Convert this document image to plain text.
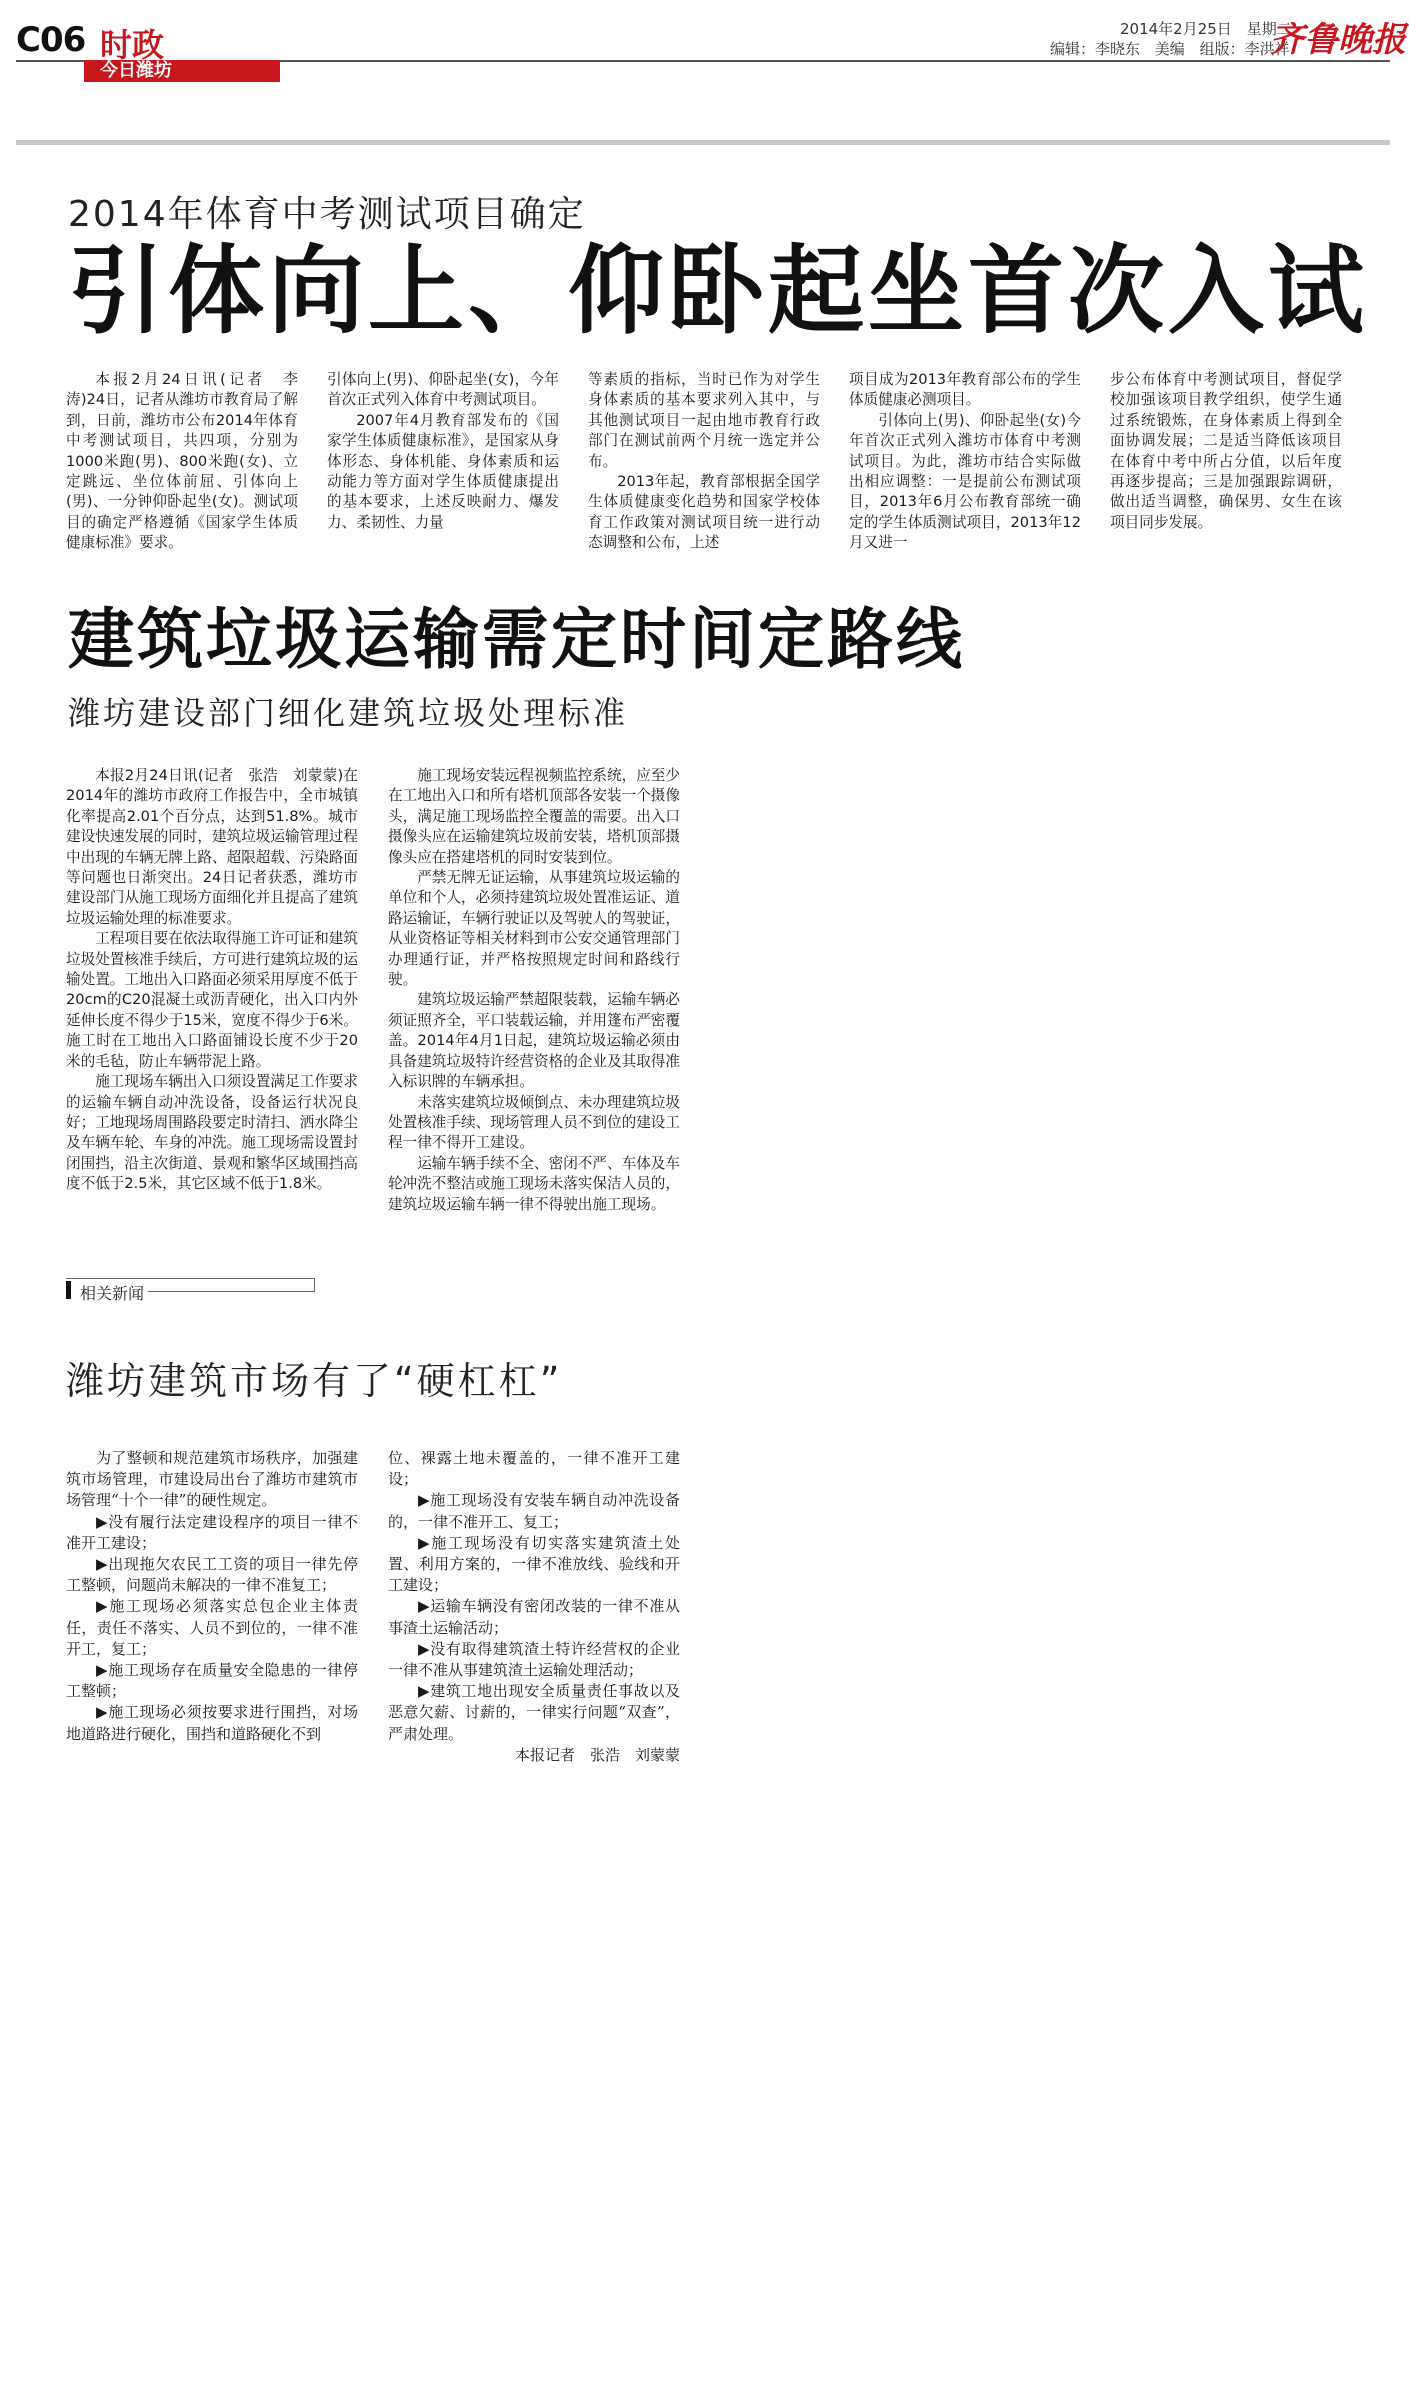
C06 时政
今日潍坊
2014年2月25日　星期二
编辑：李晓东 美编 组版：李洪祥
齐鲁晚报
2014年体育中考测试项目确定
引体向上、仰卧起坐首次入试

本报2月24日讯(记者　李涛)24日，记者从潍坊市教育局了解到，日前，潍坊市公布2014年体育中考测试项目，共四项，分别为1000米跑(男)、800米跑(女)、立定跳远、坐位体前屈、引体向上(男)、一分钟仰卧起坐(女)。测试项目的确定严格遵循《国家学生体质健康标准》要求。

引体向上(男)、仰卧起坐(女)，今年首次正式列入体育中考测试项目。

2007年4月教育部发布的《国家学生体质健康标准》，是国家从身体形态、身体机能、身体素质和运动能力等方面对学生体质健康提出的基本要求，上述反映耐力、爆发力、柔韧性、力量

等素质的指标，当时已作为对学生身体素质的基本要求列入其中，与其他测试项目一起由地市教育行政部门在测试前两个月统一选定并公布。

2013年起，教育部根据全国学生体质健康变化趋势和国家学校体育工作政策对测试项目统一进行动态调整和公布，上述

项目成为2013年教育部公布的学生体质健康必测项目。

引体向上(男)、仰卧起坐(女)今年首次正式列入潍坊市体育中考测试项目。为此，潍坊市结合实际做出相应调整：一是提前公布测试项目，2013年6月公布教育部统一确定的学生体质测试项目，2013年12月又进一

步公布体育中考测试项目，督促学校加强该项目教学组织，使学生通过系统锻炼，在身体素质上得到全面协调发展；二是适当降低该项目在体育中考中所占分值，以后年度再逐步提高；三是加强跟踪调研，做出适当调整，确保男、女生在该项目同步发展。

建筑垃圾运输需定时间定路线
潍坊建设部门细化建筑垃圾处理标准

本报2月24日讯(记者　张浩　刘蒙蒙)在2014年的潍坊市政府工作报告中，全市城镇化率提高2.01个百分点，达到51.8%。城市建设快速发展的同时，建筑垃圾运输管理过程中出现的车辆无牌上路、超限超载、污染路面等问题也日渐突出。24日记者获悉，潍坊市建设部门从施工现场方面细化并且提高了建筑垃圾运输处理的标准要求。

工程项目要在依法取得施工许可证和建筑垃圾处置核准手续后，方可进行建筑垃圾的运输处置。工地出入口路面必须采用厚度不低于20cm的C20混凝土或沥青硬化，出入口内外延伸长度不得少于15米，宽度不得少于6米。施工时在工地出入口路面铺设长度不少于20米的毛毡，防止车辆带泥上路。

施工现场车辆出入口须设置满足工作要求的运输车辆自动冲洗设备，设备运行状况良好；工地现场周围路段要定时清扫、洒水降尘及车辆车轮、车身的冲洗。施工现场需设置封闭围挡，沿主次街道、景观和繁华区域围挡高度不低于2.5米，其它区域不低于1.8米。

施工现场安装远程视频监控系统，应至少在工地出入口和所有塔机顶部各安装一个摄像头，满足施工现场监控全覆盖的需要。出入口摄像头应在运输建筑垃圾前安装，塔机顶部摄像头应在搭建塔机的同时安装到位。

严禁无牌无证运输，从事建筑垃圾运输的单位和个人，必须持建筑垃圾处置准运证、道路运输证，车辆行驶证以及驾驶人的驾驶证，从业资格证等相关材料到市公安交通管理部门办理通行证，并严格按照规定时间和路线行驶。

建筑垃圾运输严禁超限装载，运输车辆必须证照齐全，平口装载运输，并用篷布严密覆盖。2014年4月1日起，建筑垃圾运输必须由具备建筑垃圾特许经营资格的企业及其取得准入标识牌的车辆承担。

未落实建筑垃圾倾倒点、未办理建筑垃圾处置核准手续、现场管理人员不到位的建设工程一律不得开工建设。

运输车辆手续不全、密闭不严、车体及车轮冲洗不整洁或施工现场未落实保洁人员的，建筑垃圾运输车辆一律不得驶出施工现场。

相关新闻
潍坊建筑市场有了“硬杠杠”

为了整顿和规范建筑市场秩序，加强建筑市场管理，市建设局出台了潍坊市建筑市场管理“十个一律”的硬性规定。

▶没有履行法定建设程序的项目一律不准开工建设；

▶出现拖欠农民工工资的项目一律先停工整顿，问题尚未解决的一律不准复工；

▶施工现场必须落实总包企业主体责任，责任不落实、人员不到位的，一律不准开工，复工；

▶施工现场存在质量安全隐患的一律停工整顿；

▶施工现场必须按要求进行围挡，对场地道路进行硬化，围挡和道路硬化不到

位、裸露土地未覆盖的，一律不准开工建设；

▶施工现场没有安装车辆自动冲洗设备的，一律不准开工、复工；

▶施工现场没有切实落实建筑渣土处置、利用方案的，一律不准放线、验线和开工建设；

▶运输车辆没有密闭改装的一律不准从事渣土运输活动；

▶没有取得建筑渣土特许经营权的企业一律不准从事建筑渣土运输处理活动；

▶建筑工地出现安全质量责任事故以及恶意欠薪、讨薪的，一律实行问题“双查”，严肃处理。

本报记者　张浩　刘蒙蒙
